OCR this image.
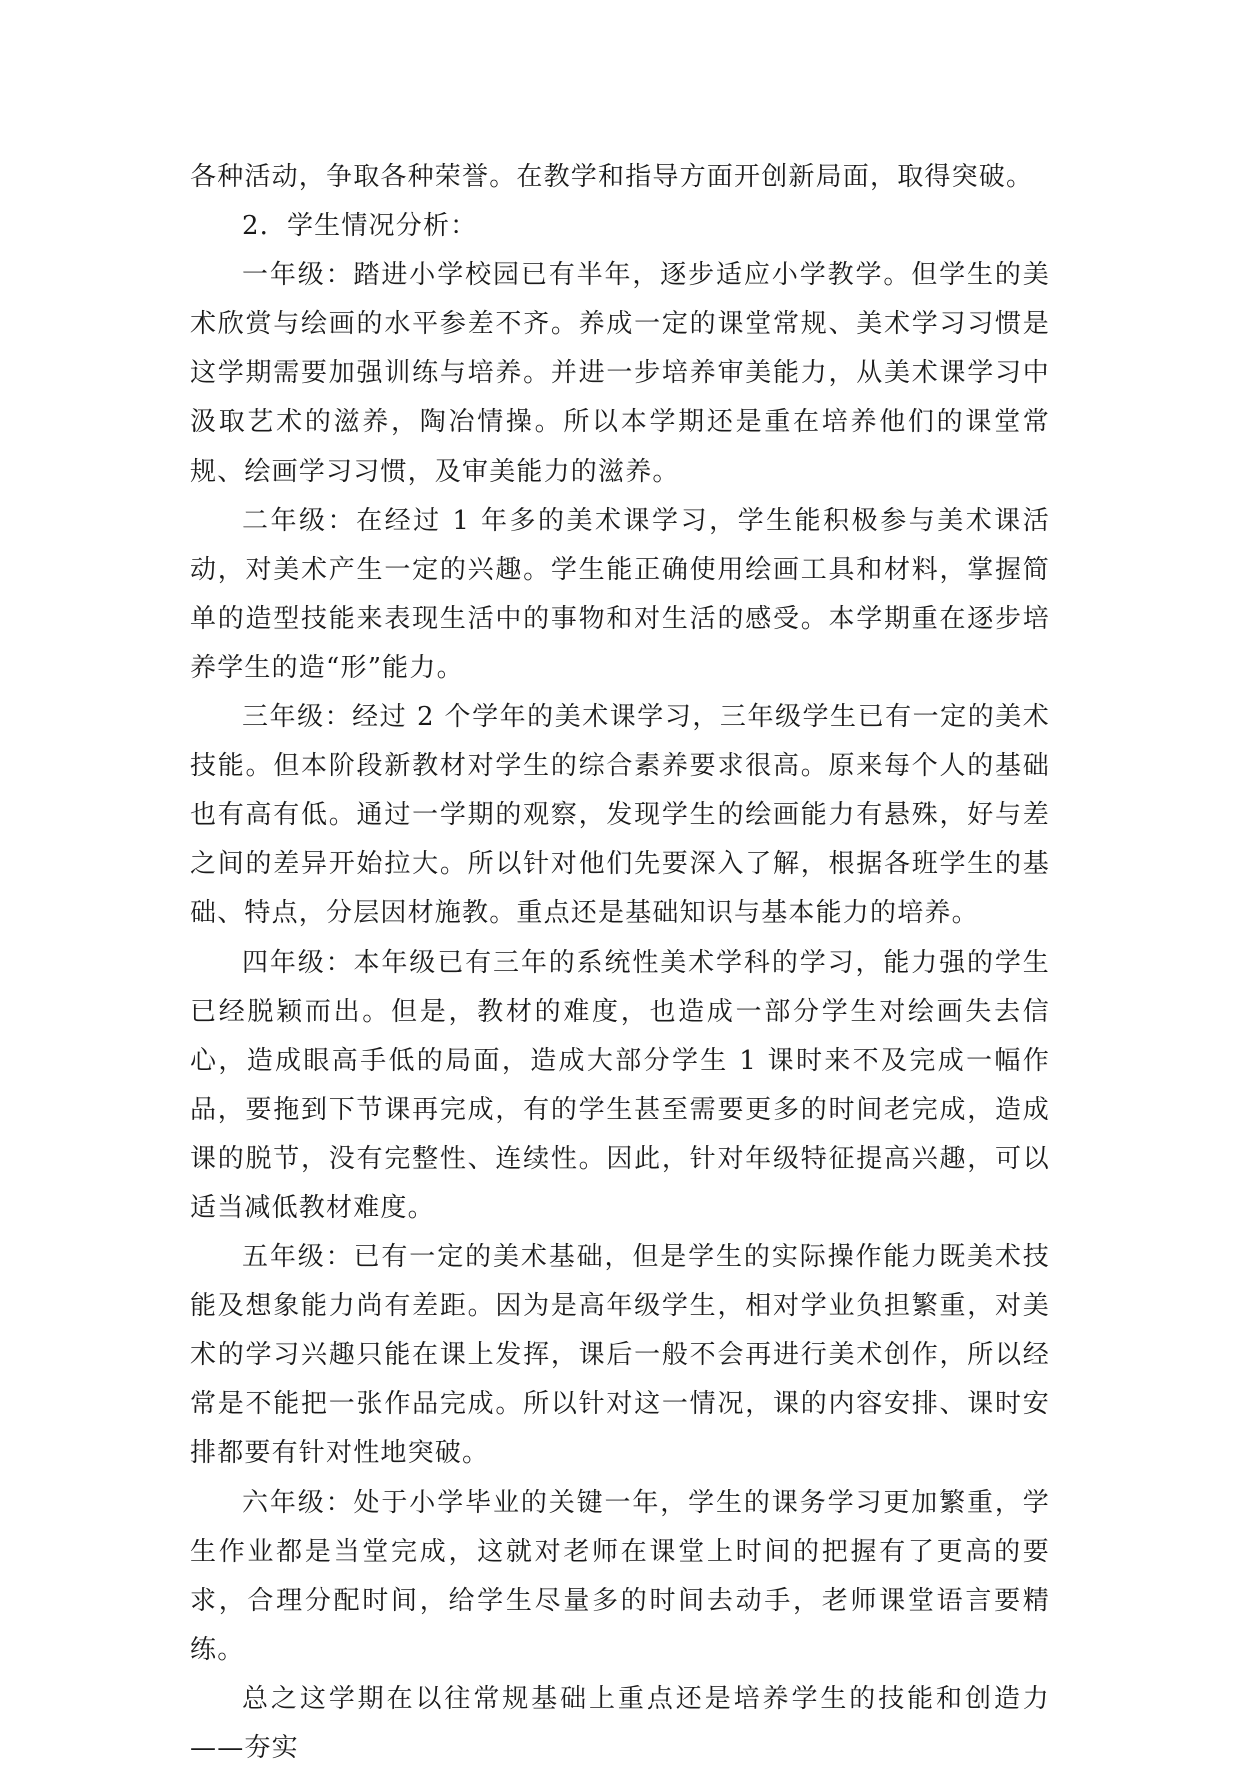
各种活动，争取各种荣誉。在教学和指导方面开创新局面，取得突破。

2．学生情况分析：

一年级：踏进小学校园已有半年，逐步适应小学教学。但学生的美术欣赏与绘画的水平参差不齐。养成一定的课堂常规、美术学习习惯是这学期需要加强训练与培养。并进一步培养审美能力，从美术课学习中汲取艺术的滋养，陶冶情操。所以本学期还是重在培养他们的课堂常规、绘画学习习惯，及审美能力的滋养。

二年级：在经过 1 年多的美术课学习，学生能积极参与美术课活动，对美术产生一定的兴趣。学生能正确使用绘画工具和材料，掌握简单的造型技能来表现生活中的事物和对生活的感受。本学期重在逐步培养学生的造“形”能力。

三年级：经过 2 个学年的美术课学习，三年级学生已有一定的美术技能。但本阶段新教材对学生的综合素养要求很高。原来每个人的基础也有高有低。通过一学期的观察，发现学生的绘画能力有悬殊，好与差之间的差异开始拉大。所以针对他们先要深入了解，根据各班学生的基础、特点，分层因材施教。重点还是基础知识与基本能力的培养。

四年级：本年级已有三年的系统性美术学科的学习，能力强的学生已经脱颖而出。但是，教材的难度，也造成一部分学生对绘画失去信心，造成眼高手低的局面，造成大部分学生 1 课时来不及完成一幅作品，要拖到下节课再完成，有的学生甚至需要更多的时间老完成，造成课的脱节，没有完整性、连续性。因此，针对年级特征提高兴趣，可以适当减低教材难度。

五年级：已有一定的美术基础，但是学生的实际操作能力既美术技能及想象能力尚有差距。因为是高年级学生，相对学业负担繁重，对美术的学习兴趣只能在课上发挥，课后一般不会再进行美术创作，所以经常是不能把一张作品完成。所以针对这一情况，课的内容安排、课时安排都要有针对性地突破。

六年级：处于小学毕业的关键一年，学生的课务学习更加繁重，学生作业都是当堂完成，这就对老师在课堂上时间的把握有了更高的要求，合理分配时间，给学生尽量多的时间去动手，老师课堂语言要精练。

总之这学期在以往常规基础上重点还是培养学生的技能和创造力——夯实
